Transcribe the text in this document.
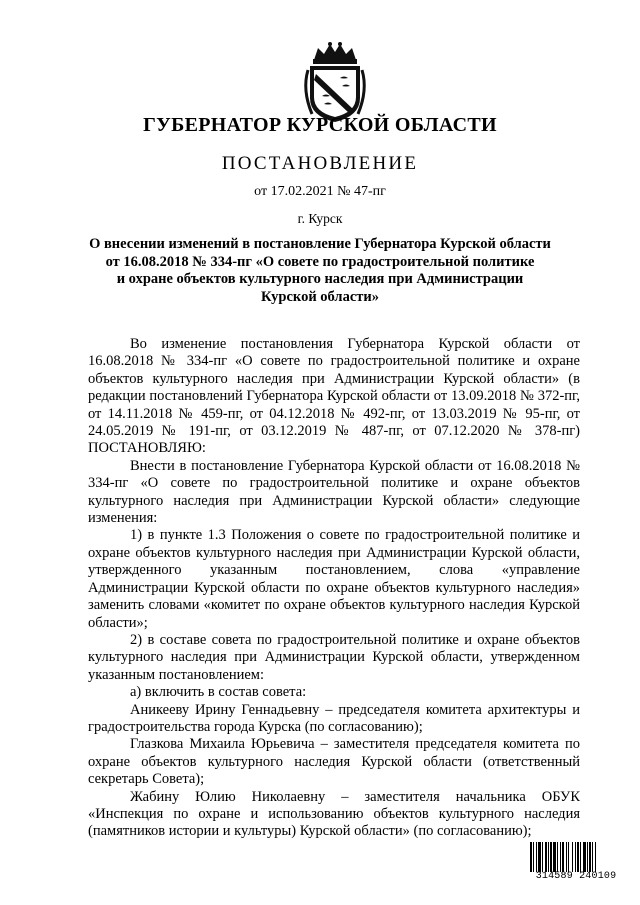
ГУБЕРНАТОР КУРСКОЙ ОБЛАСТИ
ПОСТАНОВЛЕНИЕ
от 17.02.2021 № 47-пг
г. Курск
О внесении изменений в постановление Губернатора Курской области
от 16.08.2018 № 334-пг «О совете по градостроительной политике
и охране объектов культурного наследия при Администрации
Курской области»

Во изменение постановления Губернатора Курской области от 16.08.2018 № 334-пг «О совете по градостроительной политике и охране объектов культурного наследия при Администрации Курской области» (в редакции постановлений Губернатора Курской области от 13.09.2018 № 372-пг, от 14.11.2018 № 459-пг, от 04.12.2018 № 492-пг, от 13.03.2019 № 95-пг, от 24.05.2019 № 191-пг, от 03.12.2019 № 487-пг, от 07.12.2020 № 378-пг) ПОСТАНОВЛЯЮ:

Внести в постановление Губернатора Курской области от 16.08.2018 № 334-пг «О совете по градостроительной политике и охране объектов культурного наследия при Администрации Курской области» следующие изменения:

1) в пункте 1.3 Положения о совете по градостроительной политике и охране объектов культурного наследия при Администрации Курской области, утвержденного указанным постановлением, слова «управление Администрации Курской области по охране объектов культурного наследия» заменить словами «комитет по охране объектов культурного наследия Курской области»;

2) в составе совета по градостроительной политике и охране объектов культурного наследия при Администрации Курской области, утвержденном указанным постановлением:

а) включить в состав совета:

Аникееву Ирину Геннадьевну – председателя комитета архитектуры и градостроительства города Курска (по согласованию);

Глазкова Михаила Юрьевича – заместителя председателя комитета по охране объектов культурного наследия Курской области (ответственный секретарь Совета);

Жабину Юлию Николаевну – заместителя начальника ОБУК «Инспекция по охране и использованию объектов культурного наследия (памятников истории и культуры) Курской области» (по согласованию);

314589 240109
